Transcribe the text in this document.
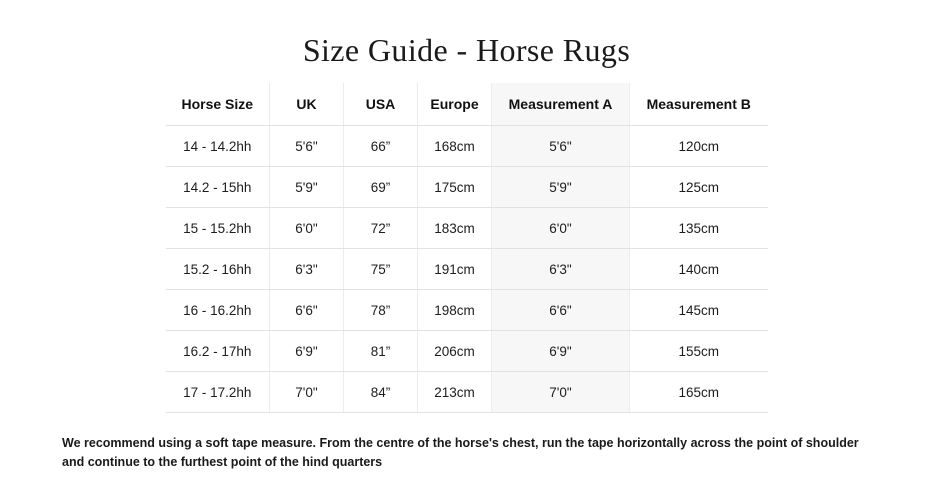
Size Guide - Horse Rugs
Horse Size	UK	USA	Europe	Measurement A	Measurement B
14 - 14.2hh	5'6"	66”	168cm	5'6"	120cm
14.2 - 15hh	5'9"	69”	175cm	5'9"	125cm
15 - 15.2hh	6'0"	72”	183cm	6'0"	135cm
15.2 - 16hh	6'3"	75”	191cm	6'3"	140cm
16 - 16.2hh	6'6"	78”	198cm	6'6"	145cm
16.2 - 17hh	6'9"	81”	206cm	6'9"	155cm
17 - 17.2hh	7'0"	84”	213cm	7'0"	165cm
We recommend using a soft tape measure. From the centre of the horse's chest, run the tape horizontally across the point of shoulder and continue to the furthest point of the hind quarters
